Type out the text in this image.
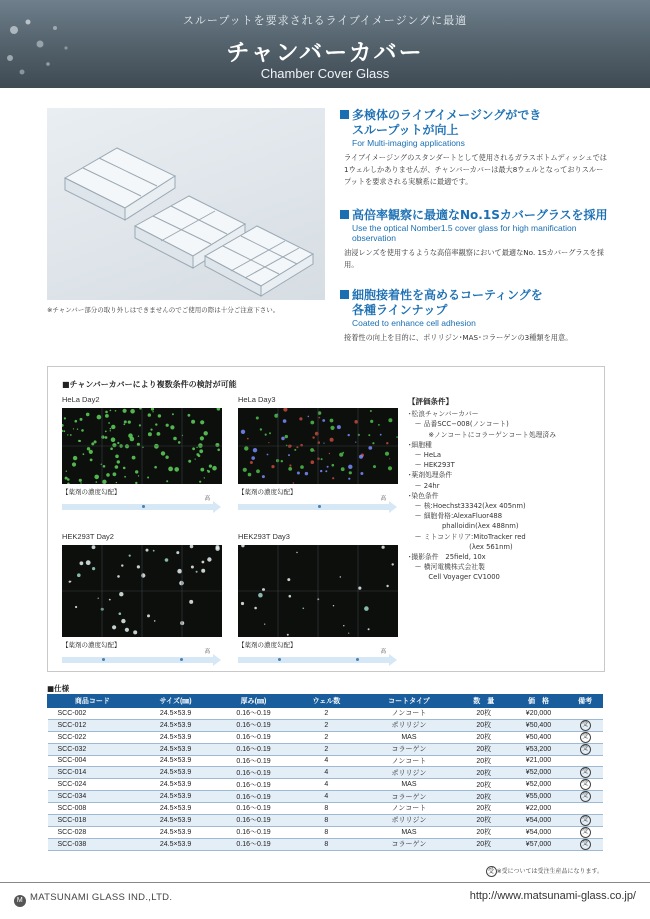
スループットを要求されるライブイメージングに最適
チャンバーカバー
Chamber Cover Glass
※チャンバー部分の取り外しはできませんのでご使用の際は十分ご注意下さい。
多検体のライブイメージングができ
スループットが向上
For Multi-imaging applications
ライブイメージングのスタンダートとして使用されるガラスボトムディッシュでは1ウェルしかありませんが、チャンバーカバーは最大8ウェルとなっておりスループットを要求される実験系に最適です。
高倍率観察に最適なNo.1Sカバーグラスを採用
Use the optical Nomber1.5 cover glass for high manification observation
油浸レンズを使用するような高倍率観察において最適なNo. 1Sカバーグラスを採用。
細胞接着性を高めるコーティングを
各種ラインナップ
Coated to enhance cell adhesion
接着性の向上を目的に、ポリリジン･MAS･コラーゲンの3種類を用意。
■チャンバーカバーにより複数条件の検討が可能
HeLa Day2
【薬剤の濃度勾配】
高
HeLa Day3
【薬剤の濃度勾配】
高
HEK293T Day2
【薬剤の濃度勾配】
高
HEK293T Day3
【薬剤の濃度勾配】
高
【評価条件】
･松浪チャンバーカバー
　ー 品番SCC−008(ノンコート)
　　　※ノンコートにコラーゲンコート処理済み
･細胞種
　ー HeLa
　ー HEK293T
･薬剤処理条件
　ー 24hr
･染色条件
　ー 核:Hoechst33342(λex 405nm)
　ー 細胞骨格:AlexaFluor488
　　　　　phalloidin(λex 488nm)
　ー ミトコンドリア:MitoTracker red
　　　　　　　　　(λex 561nm)
･撮影条件　25field, 10x
　ー 横河電機株式会社製
　　　Cell Voyager CV1000
■仕様
商品コード	サイズ(㎜)	厚み(㎜)	ウェル数	コートタイプ	数　量	価　格	備考
SCC-002	24.5×53.9	0.16〜0.19	2	ノンコート	20枚	¥20,000	
SCC-012	24.5×53.9	0.16〜0.19	2	ポリリジン	20枚	¥50,400	受
SCC-022	24.5×53.9	0.16〜0.19	2	MAS	20枚	¥50,400	受
SCC-032	24.5×53.9	0.16〜0.19	2	コラーゲン	20枚	¥53,200	受
SCC-004	24.5×53.9	0.16〜0.19	4	ノンコート	20枚	¥21,000	
SCC-014	24.5×53.9	0.16〜0.19	4	ポリリジン	20枚	¥52,000	受
SCC-024	24.5×53.9	0.16〜0.19	4	MAS	20枚	¥52,000	受
SCC-034	24.5×53.9	0.16〜0.19	4	コラーゲン	20枚	¥55,000	受
SCC-008	24.5×53.9	0.16〜0.19	8	ノンコート	20枚	¥22,000	
SCC-018	24.5×53.9	0.16〜0.19	8	ポリリジン	20枚	¥54,000	受
SCC-028	24.5×53.9	0.16〜0.19	8	MAS	20枚	¥54,000	受
SCC-038	24.5×53.9	0.16〜0.19	8	コラーゲン	20枚	¥57,000	受
受 ※受については受注生産品になります。
M MATSUNAMI GLASS IND.,LTD.	http://www.matsunami-glass.co.jp/
